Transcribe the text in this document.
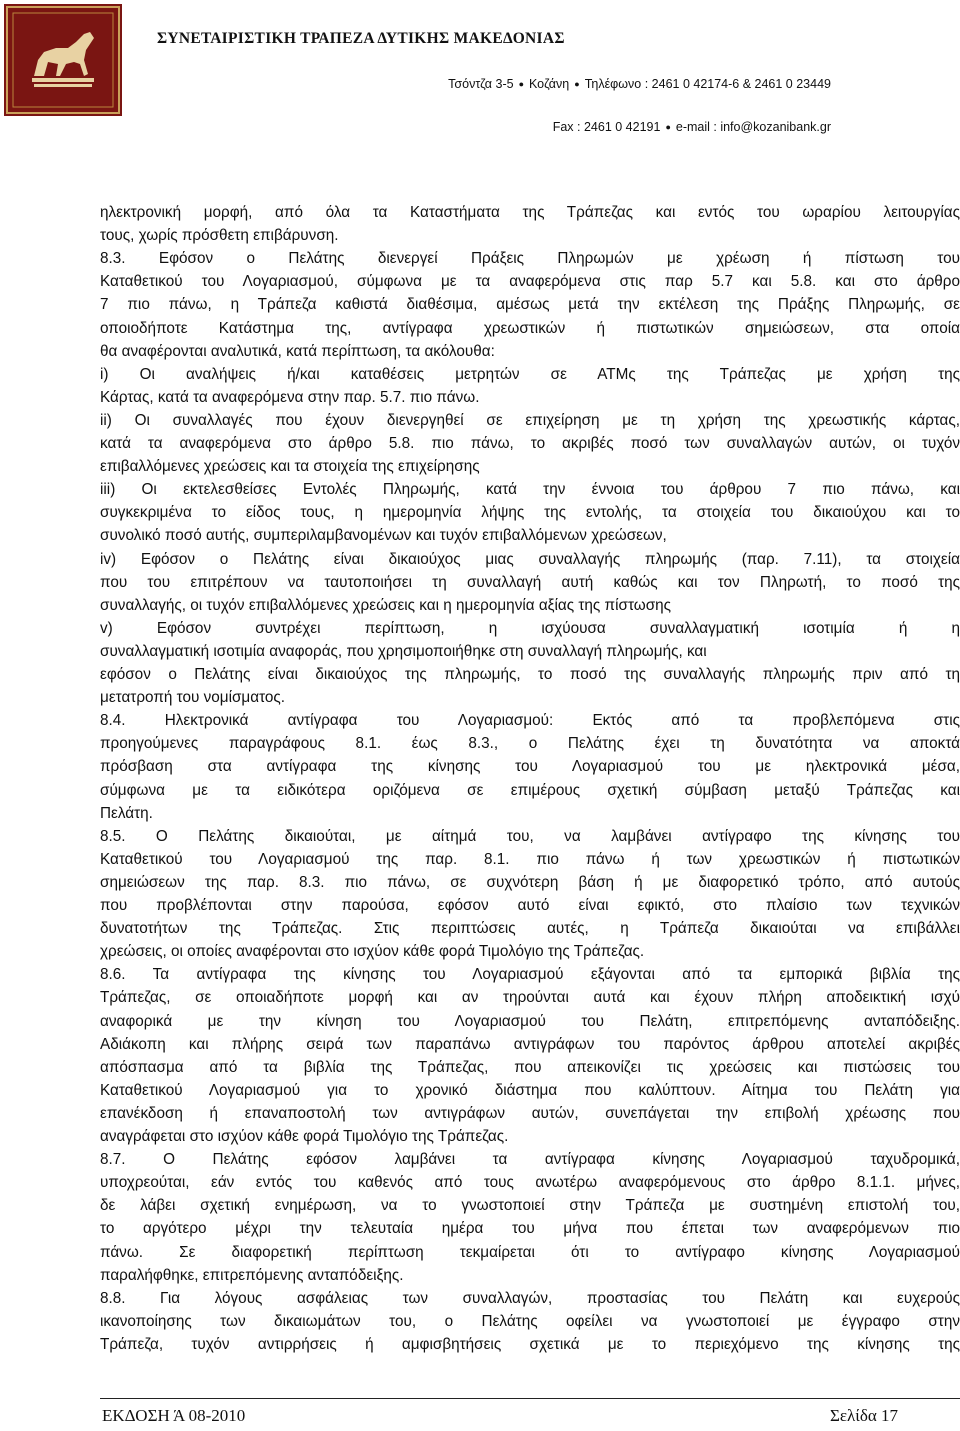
ΣΥΝΕΤΑΙΡΙΣΤΙΚΗ ΤΡΑΠΕΖΑ ΔΥΤΙΚΗΣ ΜΑΚΕΔΟΝΙΑΣ
Τσόντζα 3-5 ● Κοζάνη ● Τηλέφωνο : 2461 0 42174-6 & 2461 0 23449
Fax : 2461 0 42191 ● e-mail : info@kozanibank.gr
ηλεκτρονική μορφή, από όλα τα Καταστήματα της Τράπεζας και εντός του ωραρίου λειτουργίας
τους, χωρίς πρόσθετη επιβάρυνση.
8.3. Εφόσον ο Πελάτης διενεργεί Πράξεις Πληρωμών με χρέωση ή πίστωση του
Καταθετικού του Λογαριασμού, σύμφωνα με τα αναφερόμενα στις παρ 5.7 και 5.8. και στο άρθρο
7 πιο πάνω, η Τράπεζα καθιστά διαθέσιμα, αμέσως μετά την εκτέλεση της Πράξης Πληρωμής, σε
οποιοδήποτε Κατάστημα της, αντίγραφα χρεωστικών ή πιστωτικών σημειώσεων, στα οποία
θα αναφέρονται αναλυτικά, κατά περίπτωση, τα ακόλουθα:
i) Οι αναλήψεις ή/και καταθέσεις μετρητών σε ΑΤΜς της Τράπεζας με χρήση της
Κάρτας, κατά τα αναφερόμενα στην παρ. 5.7. πιο πάνω.
ii) Οι συναλλαγές που έχουν διενεργηθεί σε επιχείρηση με τη χρήση της χρεωστικής κάρτας,
κατά τα αναφερόμενα στο άρθρο 5.8. πιο πάνω, το ακριβές ποσό των συναλλαγών αυτών, οι τυχόν
επιβαλλόμενες χρεώσεις και τα στοιχεία της επιχείρησης
iii) Οι εκτελεσθείσες Εντολές Πληρωμής, κατά την έννοια του άρθρου 7 πιο πάνω, και
συγκεκριμένα το είδος τους, η ημερομηνία λήψης της εντολής, τα στοιχεία του δικαιούχου και το
συνολικό ποσό αυτής, συμπεριλαμβανομένων και τυχόν επιβαλλόμενων χρεώσεων,
iv) Εφόσον ο Πελάτης είναι δικαιούχος μιας συναλλαγής πληρωμής (παρ. 7.11), τα στοιχεία
που του επιτρέπουν να ταυτοποιήσει τη συναλλαγή αυτή καθώς και τον Πληρωτή, το ποσό της
συναλλαγής, οι τυχόν επιβαλλόμενες χρεώσεις και η ημερομηνία αξίας της πίστωσης
v) Εφόσον συντρέχει περίπτωση, η ισχύουσα συναλλαγματική ισοτιμία ή η
συναλλαγματική ισοτιμία αναφοράς, που χρησιμοποιήθηκε στη συναλλαγή πληρωμής, και
εφόσον ο Πελάτης είναι δικαιούχος της πληρωμής, το ποσό της συναλλαγής πληρωμής πριν από τη
μετατροπή του νομίσματος.
8.4. Ηλεκτρονικά αντίγραφα του Λογαριασμού: Εκτός από τα προβλεπόμενα στις
προηγούμενες παραγράφους 8.1. έως 8.3., ο Πελάτης έχει τη δυνατότητα να αποκτά
πρόσβαση στα αντίγραφα της κίνησης του Λογαριασμού του με ηλεκτρονικά μέσα,
σύμφωνα με τα ειδικότερα οριζόμενα σε επιμέρους σχετική σύμβαση μεταξύ Τράπεζας και
Πελάτη.
8.5. Ο Πελάτης δικαιούται, με αίτημά του, να λαμβάνει αντίγραφο της κίνησης του
Καταθετικού του Λογαριασμού της παρ. 8.1. πιο πάνω ή των χρεωστικών ή πιστωτικών
σημειώσεων της παρ. 8.3. πιο πάνω, σε συχνότερη βάση ή με διαφορετικό τρόπο, από αυτούς
που προβλέπονται στην παρούσα, εφόσον αυτό είναι εφικτό, στο πλαίσιο των τεχνικών
δυνατοτήτων της Τράπεζας. Στις περιπτώσεις αυτές, η Τράπεζα δικαιούται να επιβάλλει
χρεώσεις, οι οποίες αναφέρονται στο ισχύον κάθε φορά Τιμολόγιο της Τράπεζας.
8.6. Τα αντίγραφα της κίνησης του Λογαριασμού εξάγονται από τα εμπορικά βιβλία της
Τράπεζας, σε οποιαδήποτε μορφή και αν τηρούνται αυτά και έχουν πλήρη αποδεικτική ισχύ
αναφορικά με την κίνηση του Λογαριασμού του Πελάτη, επιτρεπόμενης ανταπόδειξης.
Αδιάκοπη και πλήρης σειρά των παραπάνω αντιγράφων του παρόντος άρθρου αποτελεί ακριβές
απόσπασμα από τα βιβλία της Τράπεζας, που απεικονίζει τις χρεώσεις και πιστώσεις του
Καταθετικού Λογαριασμού για το χρονικό διάστημα που καλύπτουν. Αίτημα του Πελάτη για
επανέκδοση ή επαναποστολή των αντιγράφων αυτών, συνεπάγεται την επιβολή χρέωσης που
αναγράφεται στο ισχύον κάθε φορά Τιμολόγιο της Τράπεζας.
8.7. Ο Πελάτης εφόσον λαμβάνει τα αντίγραφα κίνησης Λογαριασμού ταχυδρομικά,
υποχρεούται, εάν εντός του καθενός από τους ανωτέρω αναφερόμενους στο άρθρο 8.1.1. μήνες,
δε λάβει σχετική ενημέρωση, να το γνωστοποιεί στην Τράπεζα με συστημένη επιστολή του,
το αργότερο μέχρι την τελευταία ημέρα του μήνα που έπεται των αναφερόμενων πιο
πάνω. Σε διαφορετική περίπτωση τεκμαίρεται ότι το αντίγραφο κίνησης Λογαριασμού
παραλήφθηκε, επιτρεπόμενης ανταπόδειξης.
8.8. Για λόγους ασφάλειας των συναλλαγών, προστασίας του Πελάτη και ευχερούς
ικανοποίησης των δικαιωμάτων του, ο Πελάτης οφείλει να γνωστοποιεί με έγγραφο στην
Τράπεζα, τυχόν αντιρρήσεις ή αμφισβητήσεις σχετικά με το περιεχόμενο της κίνησης της
ΕΚΔΟΣΗ Ά 08-2010	Σελίδα 17
